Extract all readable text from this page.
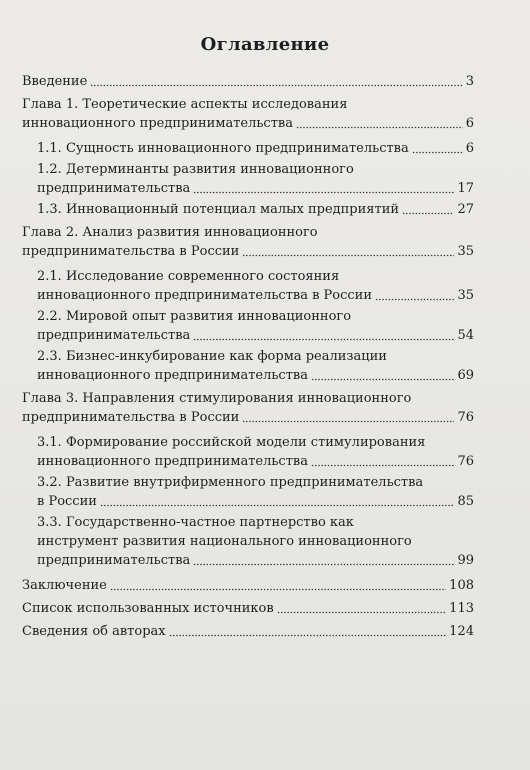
Оглавление
Введение	3
Глава 1. Теоретические аспекты исследования
инновационного предпринимательства	6
1.1. Сущность инновационного предпринимательства	6
1.2. Детерминанты развития инновационного
предпринимательства	17
1.3. Инновационный потенциал малых предприятий	27
Глава 2. Анализ развития инновационного
предпринимательства в России	35
2.1. Исследование современного состояния
инновационного предпринимательства в России	35
2.2. Мировой опыт развития инновационного
предпринимательства	54
2.3. Бизнес-инкубирование как форма реализации
инновационного предпринимательства	69
Глава 3. Направления стимулирования инновационного
предпринимательства в России	76
3.1. Формирование российской модели стимулирования
инновационного предпринимательства	76
3.2. Развитие внутрифирменного предпринимательства
в России	85
3.3. Государственно-частное партнерство как
инструмент развития национального инновационного
предпринимательства	99
Заключение	108
Список использованных источников	113
Сведения об авторах	124
